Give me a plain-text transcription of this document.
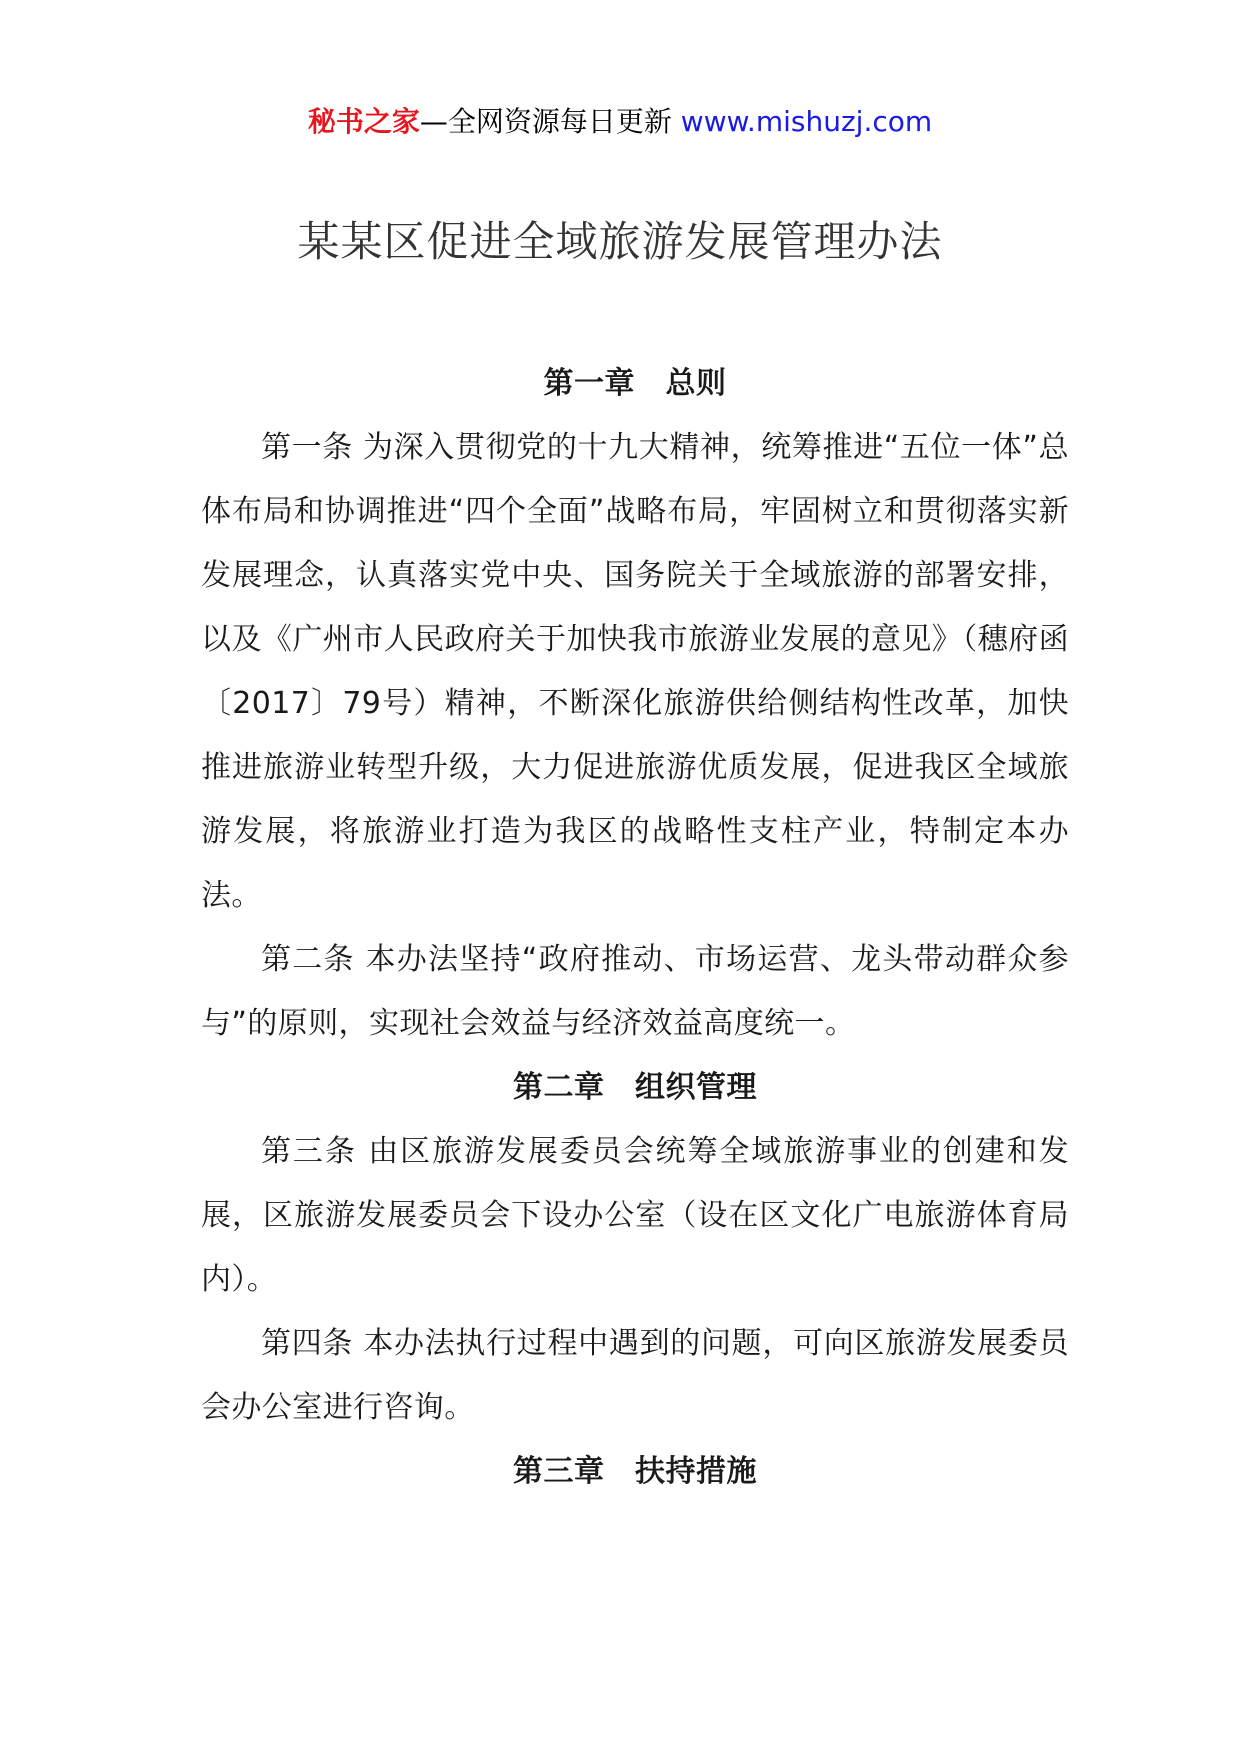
秘书之家—全网资源每日更新 www.mishuzj.com
某某区促进全域旅游发展管理办法

第一章　总则

第一条 为深入贯彻党的十九大精神，统筹推进“五位一体”总体布局和协调推进“四个全面”战略布局，牢固树立和贯彻落实新发展理念，认真落实党中央、国务院关于全域旅游的部署安排，以及《广州市人民政府关于加快我市旅游业发展的意见》（穗府函〔2017〕79号）精神，不断深化旅游供给侧结构性改革，加快推进旅游业转型升级，大力促进旅游优质发展，促进我区全域旅游发展，将旅游业打造为我区的战略性支柱产业，特制定本办法。

第二条 本办法坚持“政府推动、市场运营、龙头带动群众参与”的原则，实现社会效益与经济效益高度统一。

第二章　组织管理

第三条 由区旅游发展委员会统筹全域旅游事业的创建和发展，区旅游发展委员会下设办公室（设在区文化广电旅游体育局内）。

第四条 本办法执行过程中遇到的问题，可向区旅游发展委员会办公室进行咨询。

第三章　扶持措施
